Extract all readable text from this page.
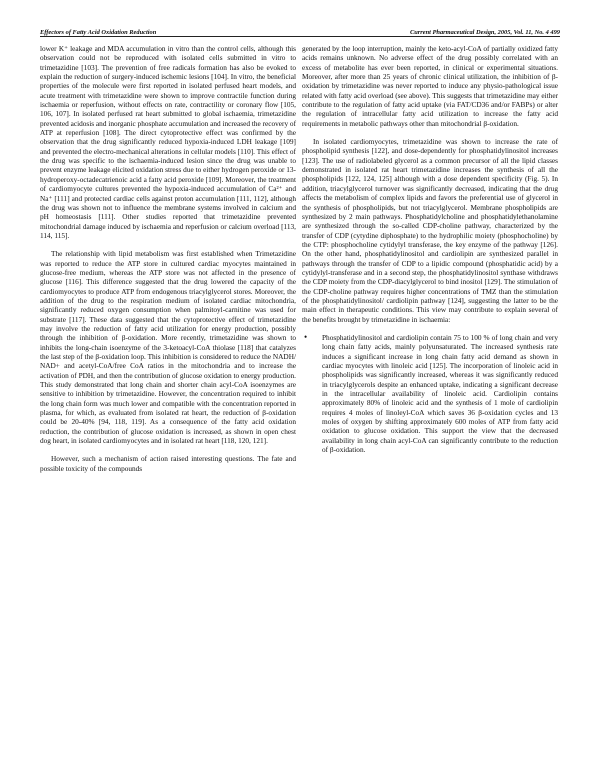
Effectors of Fatty Acid Oxidation Reduction	Current Pharmaceutical Design, 2005, Vol. 11, No. 4 499

lower K⁺ leakage and MDA accumulation in vitro than the control cells, although this observation could not be reproduced with isolated cells submitted in vitro to trimetazidine [103]. The prevention of free radicals formation has also be evoked to explain the reduction of surgery-induced ischemic lesions [104]. In vitro, the beneficial properties of the molecule were first reported in isolated perfused heart models, and acute treatment with trimetazidine were shown to improve contractile function during ischaemia or reperfusion, without effects on rate, contractility or coronary flow [105, 106, 107]. In isolated perfused rat heart submitted to global ischaemia, trimetazidine prevented acidosis and inorganic phosphate accumulation and increased the recovery of ATP at reperfusion [108]. The direct cytoprotective effect was confirmed by the observation that the drug significantly reduced hypoxia-induced LDH leakage [109] and prevented the electro-mechanical alterations in cellular models [110]. This effect of the drug was specific to the ischaemia-induced lesion since the drug was unable to prevent enzyme leakage elicited oxidation stress due to either hydrogen peroxide or 13-hydroperoxy-octadecatrienoic acid a fatty acid peroxide [109]. Moreover, the treatment of cardiomyocyte cultures prevented the hypoxia-induced accumulation of Ca²⁺ and Na⁺ [111] and protected cardiac cells against proton accumulation [111, 112], although the drug was shown not to influence the membrane systems involved in calcium and pH homeostasis [111]. Other studies reported that trimetazidine prevented mitochondrial damage induced by ischaemia and reperfusion or calcium overload [113, 114, 115].

The relationship with lipid metabolism was first established when Trimetazidine was reported to reduce the ATP store in cultured cardiac myocytes maintained in glucose-free medium, whereas the ATP store was not affected in the presence of glucose [116]. This difference suggested that the drug lowered the capacity of the cardiomyocytes to produce ATP from endogenous triacylglycerol stores. Moreover, the addition of the drug to the respiration medium of isolated cardiac mitochondria, significantly reduced oxygen consumption when palmitoyl-carnitine was used for substrate [117]. These data suggested that the cytoprotective effect of trimetazidine may involve the reduction of fatty acid utilization for energy production, possibly through the inhibition of β-oxidation. More recently, trimetazidine was shown to inhibits the long-chain isoenzyme of the 3-ketoacyl-CoA thiolase [118] that catalyzes the last step of the β-oxidation loop. This inhibition is considered to reduce the NADH/ NAD+ and acetyl-CoA/free CoA ratios in the mitochondria and to increase the activation of PDH, and then the contribution of glucose oxidation to energy production. This study demonstrated that long chain and shorter chain acyl-CoA isoenzymes are sensitive to inhibition by trimetazidine. However, the concentration required to inhibit the long chain form was much lower and compatible with the concentration reported in plasma, for which, as evaluated from isolated rat heart, the reduction of β-oxidation could be 20-40% [94, 118, 119]. As a consequence of the fatty acid oxidation reduction, the contribution of glucose oxidation is increased, as shown in open chest dog heart, in isolated cardiomyocytes and in isolated rat heart [118, 120, 121].

However, such a mechanism of action raised interesting questions. The fate and possible toxicity of the compounds

generated by the loop interruption, mainly the keto-acyl-CoA of partially oxidized fatty acids remains unknown. No adverse effect of the drug possibly correlated with an excess of metabolite has ever been reported, in clinical or experimental situations. Moreover, after more than 25 years of chronic clinical utilization, the inhibition of β-oxidation by trimetazidine was never reported to induce any physio-pathological issue related with fatty acid overload (see above). This suggests that trimetazidine may either contribute to the regulation of fatty acid uptake (via FAT/CD36 and/or FABPs) or alter the regulation of intracellular fatty acid utilization to increase the fatty acid requirements in metabolic pathways other than mitochondrial β-oxidation.

In isolated cardiomyocytes, trimetazidine was shown to increase the rate of phospholipid synthesis [122], and dose-dependently for phosphatidylinositol increases [123]. The use of radiolabeled glycerol as a common precursor of all the lipid classes demonstrated in isolated rat heart trimetazidine increases the synthesis of all the phospholipids [122, 124, 125] although with a dose dependent specificity (Fig. 5). In addition, triacylglycerol turnover was significantly decreased, indicating that the drug affects the metabolism of complex lipids and favors the preferential use of glycerol in the synthesis of phospholipids, but not triacylglycerol. Membrane phospholipids are synthesized by 2 main pathways. Phosphatidylcholine and phosphatidylethanolamine are synthesized through the so-called CDP-choline pathway, characterized by the transfer of CDP (cytydine diphosphate) to the hydrophilic moiety (phosphocholine) by the CTP: phosphocholine cytidylyl transferase, the key enzyme of the pathway [126]. On the other hand, phosphatidylinositol and cardiolipin are synthesized parallel in pathways through the transfer of CDP to a lipidic compound (phosphatidic acid) by a cytidylyl-transferase and in a second step, the phosphatidylinositol synthase withdraws the CDP moiety from the CDP-diacylglycerol to bind inositol [129]. The stimulation of the CDP-choline pathway requires higher concentrations of TMZ than the stimulation of the phosphatidylinositol/ cardiolipin pathway [124], suggesting the latter to be the main effect in therapeutic conditions. This view may contribute to explain several of the benefits brought by trimetazidine in ischaemia:

• Phosphatidylinositol and cardiolipin contain 75 to 100 % of long chain and very long chain fatty acids, mainly polyunsaturated. The increased synthesis rate induces a significant increase in long chain fatty acid demand as shown in cardiac myocytes with linoleic acid [125]. The incorporation of linoleic acid in phospholipids was significantly increased, whereas it was significantly reduced in triacylglycerols despite an enhanced uptake, indicating a significant decrease in the intracellular availability of linoleic acid. Cardiolipin contains approximately 80% of linoleic acid and the synthesis of 1 mole of cardiolipin requires 4 moles of linoleyl-CoA which saves 36 β-oxidation cycles and 13 moles of oxygen by shifting approximately 600 moles of ATP from fatty acid oxidation to glucose oxidation. This support the view that the decreased availability in long chain acyl-CoA can significantly contribute to the reduction of β-oxidation.
